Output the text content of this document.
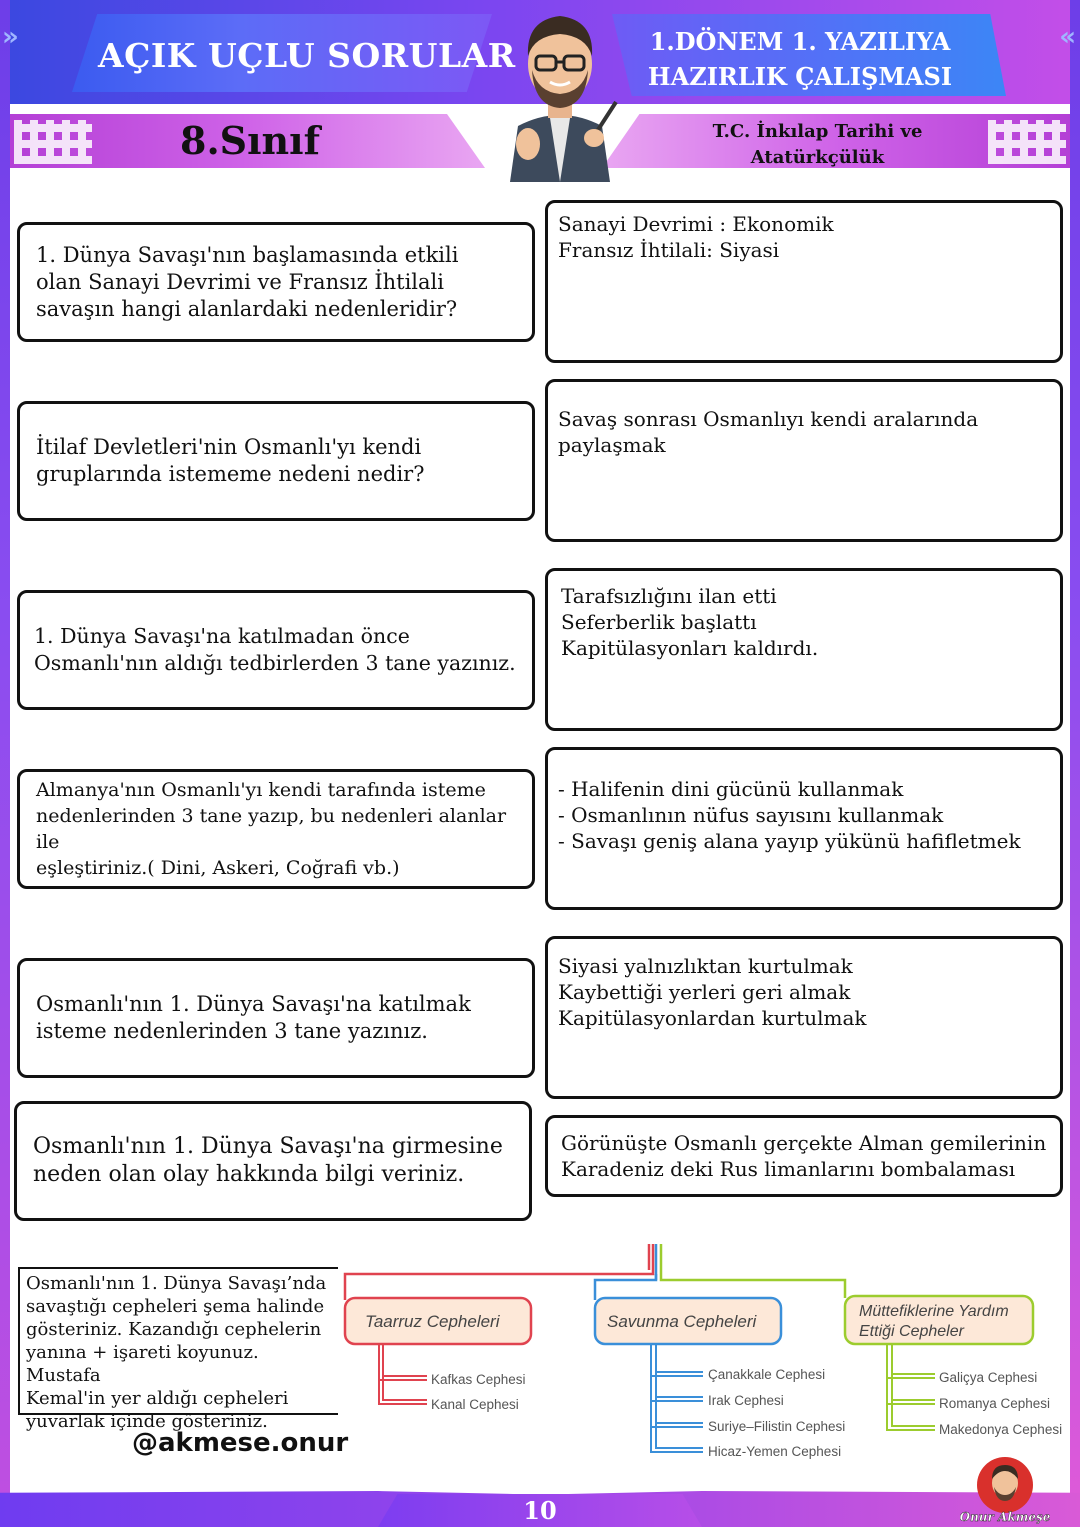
»	«
AÇIK UÇLU SORULAR	1.DÖNEM 1. YAZILIYA
HAZIRLIK ÇALIŞMASI
8.Sınıf	T.C. İnkılap Tarihi ve
Atatürkçülük
1. Dünya Savaşı'nın başlamasında etkili
olan Sanayi Devrimi ve Fransız İhtilali
savaşın hangi alanlardaki nedenleridir?
Sanayi Devrimi : Ekonomik
Fransız İhtilali: Siyasi
İtilaf Devletleri'nin Osmanlı'yı kendi
gruplarında istememe nedeni nedir?
Savaş sonrası Osmanlıyı kendi aralarında
paylaşmak
1. Dünya Savaşı'na katılmadan önce
Osmanlı'nın aldığı tedbirlerden 3 tane yazınız.
Tarafsızlığını ilan etti
Seferberlik başlattı
Kapitülasyonları kaldırdı.
Almanya'nın Osmanlı'yı kendi tarafında isteme
nedenlerinden 3 tane yazıp, bu nedenleri alanlar ile
eşleştiriniz.( Dini, Askeri, Coğrafi vb.)
- Halifenin dini gücünü kullanmak
- Osmanlının nüfus sayısını kullanmak
- Savaşı geniş alana yayıp yükünü hafifletmek
Osmanlı'nın 1. Dünya Savaşı'na katılmak
isteme nedenlerinden 3 tane yazınız.
Siyasi yalnızlıktan kurtulmak
Kaybettiği yerleri geri almak
Kapitülasyonlardan kurtulmak
Osmanlı'nın 1. Dünya Savaşı'na girmesine
neden olan olay hakkında bilgi veriniz.
Görünüşte Osmanlı gerçekte Alman gemilerinin
Karadeniz deki Rus limanlarını bombalaması
Osmanlı'nın 1. Dünya Savaşı’nda
savaştığı cepheleri şema halinde
gösteriniz. Kazandığı cephelerin
yanına + işareti koyunuz. Mustafa
Kemal'in yer aldığı cepheleri
yuvarlak içinde gösteriniz.
@akmese.onur
Taarruz Cepheleri	Savunma Cepheleri
Müttefiklerine Yardım
Ettiği Cepheler
Kafkas Cephesi
Kanal Cephesi
Çanakkale Cephesi
Irak Cephesi
Suriye–Filistin Cephesi
Hicaz-Yemen Cephesi
Galiçya Cephesi
Romanya Cephesi
Makedonya Cephesi
10	Onur Akmeşe
